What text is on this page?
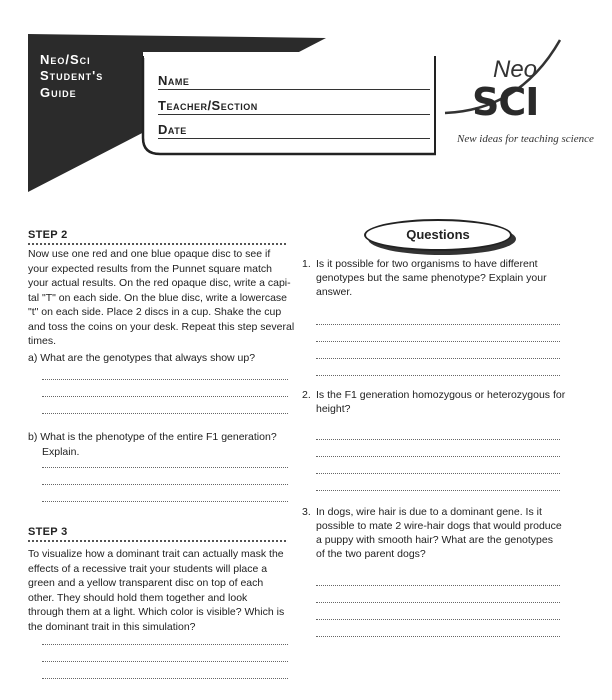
Neo/Sci
Student's
Guide
Name
Teacher/Section
Date
Neo
SCI
New ideas for teaching science
STEP 2
Now use one red and one blue opaque disc to see if
your expected results from the Punnet square match
your actual results. On the red opaque disc, write a capi-
tal "T" on each side. On the blue disc, write a lowercase
"t" on each side. Place 2 discs in a cup. Shake the cup
and toss the coins on your desk. Repeat this step several
times.
a) What are the genotypes that always show up?
b) What is the phenotype of the entire F1 generation?
Explain.
STEP 3
To visualize how a dominant trait can actually mask the
effects of a recessive trait your students will place a
green and a yellow transparent disc on top of each
other. They should hold them together and look
through them at a light. Which color is visible? Which is
the dominant trait in this simulation?
Questions
1. Is it possible for two organisms to have different
genotypes but the same phenotype? Explain your
answer.
2. Is the F1 generation homozygous or heterozygous for
height?
3. In dogs, wire hair is due to a dominant gene. Is it
possible to mate 2 wire-hair dogs that would produce
a puppy with smooth hair? What are the genotypes
of the two parent dogs?
